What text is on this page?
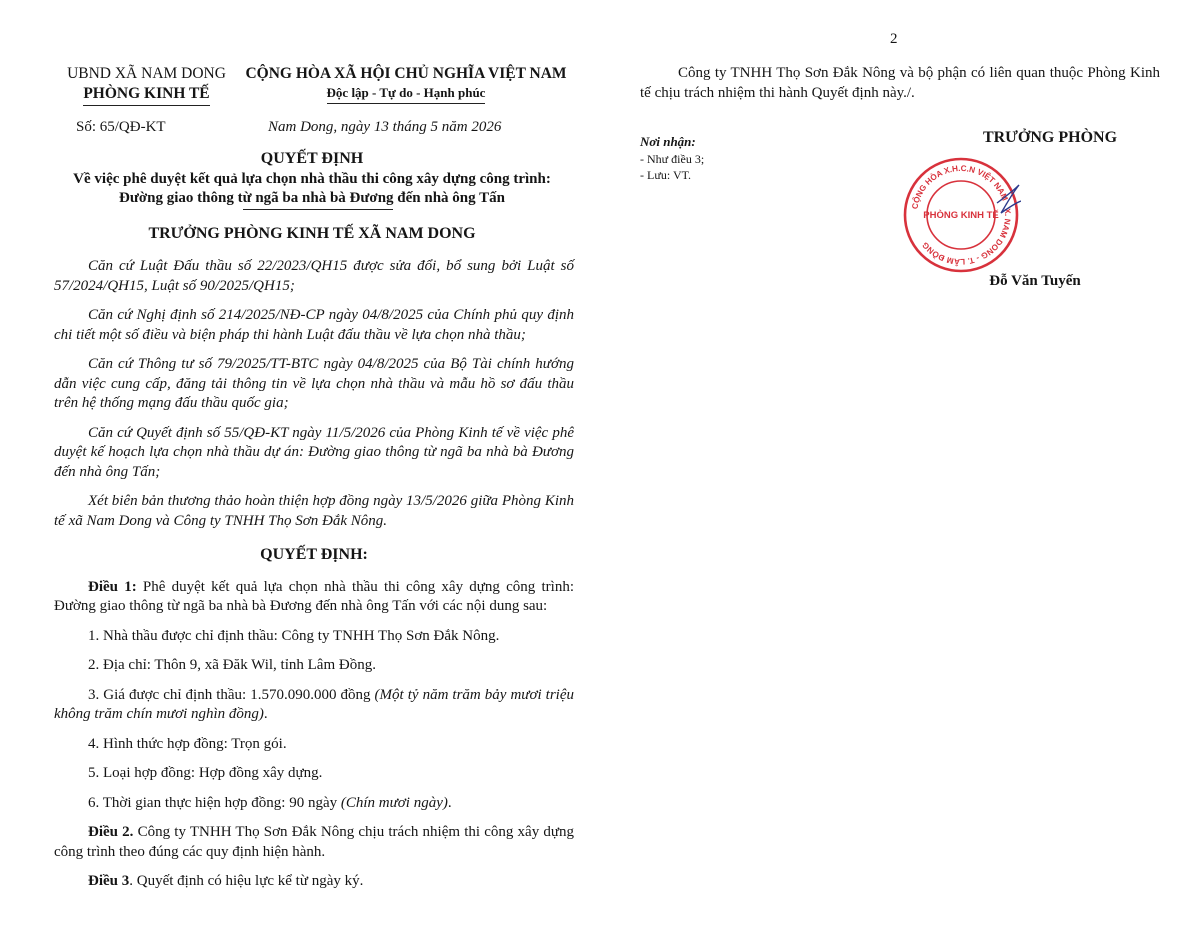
UBND XÃ NAM DONG
PHÒNG KINH TẾ
CỘNG HÒA XÃ HỘI CHỦ NGHĨA VIỆT NAM
Độc lập - Tự do - Hạnh phúc
Số: 65/QĐ-KT	Nam Dong, ngày 13 tháng 5 năm 2026
QUYẾT ĐỊNH
Về việc phê duyệt kết quả lựa chọn nhà thầu thi công xây dựng công trình:
Đường giao thông từ ngã ba nhà bà Đương đến nhà ông Tấn
TRƯỞNG PHÒNG KINH TẾ XÃ NAM DONG

Căn cứ Luật Đấu thầu số 22/2023/QH15 được sửa đổi, bổ sung bởi Luật số 57/2024/QH15, Luật số 90/2025/QH15;

Căn cứ Nghị định số 214/2025/NĐ-CP ngày 04/8/2025 của Chính phủ quy định chi tiết một số điều và biện pháp thi hành Luật đấu thầu về lựa chọn nhà thầu;

Căn cứ Thông tư số 79/2025/TT-BTC ngày 04/8/2025 của Bộ Tài chính hướng dẫn việc cung cấp, đăng tải thông tin về lựa chọn nhà thầu và mẫu hồ sơ đấu thầu trên hệ thống mạng đấu thầu quốc gia;

Căn cứ Quyết định số 55/QĐ-KT ngày 11/5/2026 của Phòng Kinh tế về việc phê duyệt kế hoạch lựa chọn nhà thầu dự án: Đường giao thông từ ngã ba nhà bà Đương đến nhà ông Tấn;

Xét biên bản thương thảo hoàn thiện hợp đồng ngày 13/5/2026 giữa Phòng Kinh tế xã Nam Dong và Công ty TNHH Thọ Sơn Đắk Nông.

QUYẾT ĐỊNH:

Điều 1: Phê duyệt kết quả lựa chọn nhà thầu thi công xây dựng công trình: Đường giao thông từ ngã ba nhà bà Đương đến nhà ông Tấn với các nội dung sau:

1. Nhà thầu được chỉ định thầu: Công ty TNHH Thọ Sơn Đắk Nông.

2. Địa chỉ: Thôn 9, xã Đăk Wil, tỉnh Lâm Đồng.

3. Giá được chỉ định thầu: 1.570.090.000 đồng (Một tỷ năm trăm bảy mươi triệu không trăm chín mươi nghìn đồng).

4. Hình thức hợp đồng: Trọn gói.

5. Loại hợp đồng: Hợp đồng xây dựng.

6. Thời gian thực hiện hợp đồng: 90 ngày (Chín mươi ngày).

Điều 2. Công ty TNHH Thọ Sơn Đắk Nông chịu trách nhiệm thi công xây dựng công trình theo đúng các quy định hiện hành.

Điều 3. Quyết định có hiệu lực kể từ ngày ký.

2
Công ty TNHH Thọ Sơn Đắk Nông và bộ phận có liên quan thuộc Phòng Kinh tế chịu trách nhiệm thi hành Quyết định này./.
Nơi nhận:
- Như điều 3;
- Lưu: VT.
TRƯỞNG PHÒNG
CỘNG HÒA X.H.C.N VIỆT NAM · X. NAM DONG - T. LÂM ĐỒNG
PHÒNG KINH TẾ
Đỗ Văn Tuyến
